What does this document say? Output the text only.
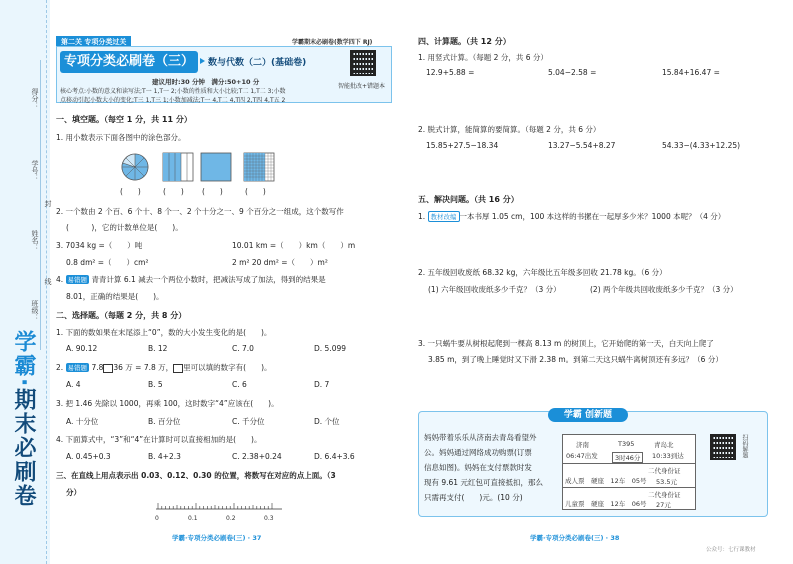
得分：
学号：
姓名：
班级：
封
线
学霸·期末必刷卷
第二关 专项分类过关	学霸期末必刷卷(数学四下 RJ)
专项分类必刷卷（三）	数与代数（二）(基础卷)
建议用时:30 分钟　满分:50+10 分
智能批改+错题本
核心考点:小数的意义和读写法;T一 1,T一 2;小数的性质和大小比较;T二 1,T二 3;小数
点移动引起小数大小的变化;T三 1,T三 1;小数加减法;T一 4,T二 4,T四 2,T四 4,T五 2
一、填空题。（每空 1 分，共 11 分）
1. 用小数表示下面各图中的涂色部分。
(　　)	(　　) (　　)	(　　)
2. 一个数由 2 个百、6 个十、8 个一、2 个十分之一、9 个百分之一组成，这个数写作
(　　　)，它的计数单位是(　　)。
3. 7034 kg =（　　）吨	10.01 km =（　　）km（　　）m
0.8 dm² =（　　）cm²	2 m² 20 dm² =（　　）m²
4. 易错题 青青计算 6.1 减去一个两位小数时，把减法写成了加法，得到的结果是
8.01，正确的结果是(　　)。
二、选择题。（每题 2 分，共 8 分）
1. 下面的数如果在末尾添上“0”，数的大小发生变化的是(　　)。
A. 90.12	B. 12	C. 7.0	D. 5.099
2. 易错题 7.8 36 万 = 7.8 万， 里可以填的数字有(　　)。
A. 4	B. 5	C. 6	D. 7
3. 把 1.46 先除以 1000，再乘 100，这时数字“4”应该在(　　)。
A. 十分位	B. 百分位	C. 千分位	D. 个位
4. 下面算式中，“3”和“4”在计算时可以直接相加的是(　　)。
A. 0.45+0.3	B. 4+2.3	C. 2.38+0.24	D. 6.4+3.6
三、在直线上用点表示出 0.03、0.12、0.30 的位置，将数写在对应的点上面。（3
分）
0	0.1	0.2	0.3
学霸·专项分类必刷卷(三) · 37
四、计算题。（共 12 分）
1. 用竖式计算。（每题 2 分，共 6 分）
12.9+5.88 =	5.04−2.58 =	15.84+16.47 =
2. 脱式计算，能简算的要简算。（每题 2 分，共 6 分）
15.85+27.5−18.34	13.27−5.54+8.27	54.33−(4.33+12.25)
五、解决问题。（共 16 分）
1. 教材改编 一本书厚 1.05 cm，100 本这样的书摞在一起厚多少米？1000 本呢？（4 分）
2. 五年级回收废纸 68.32 kg，六年级比五年级多回收 21.78 kg。（6 分）
(1) 六年级回收废纸多少千克？（3 分）	(2) 两个年级共回收废纸多少千克？（3 分）
3. 一只蜗牛要从树根起爬到一棵高 8.13 m 的树顶上，它开始爬的第一天，白天向上爬了
3.85 m，到了晚上睡觉时又下滑 2.38 m。到第二天这只蜗牛离树顶还有多远？（6 分）
学霸 创新题
妈妈带着乐乐从济南去青岛看望外
公。妈妈通过网络成功购票(订票
信息如图)。妈妈在支付票款时发
现有 9.61 元红包可直接抵扣，那么
只需再支付(　　)元。(10 分)
济南	T395	青岛北
06:47出发	3时46分	10:33到达
二代身份证
成人票　硬座　12车　05号 53.5元
二代身份证
儿童票　硬座　12车　06号 27元
扫码解题
学霸·专项分类必刷卷(三) · 38
公众号：七行课教材
